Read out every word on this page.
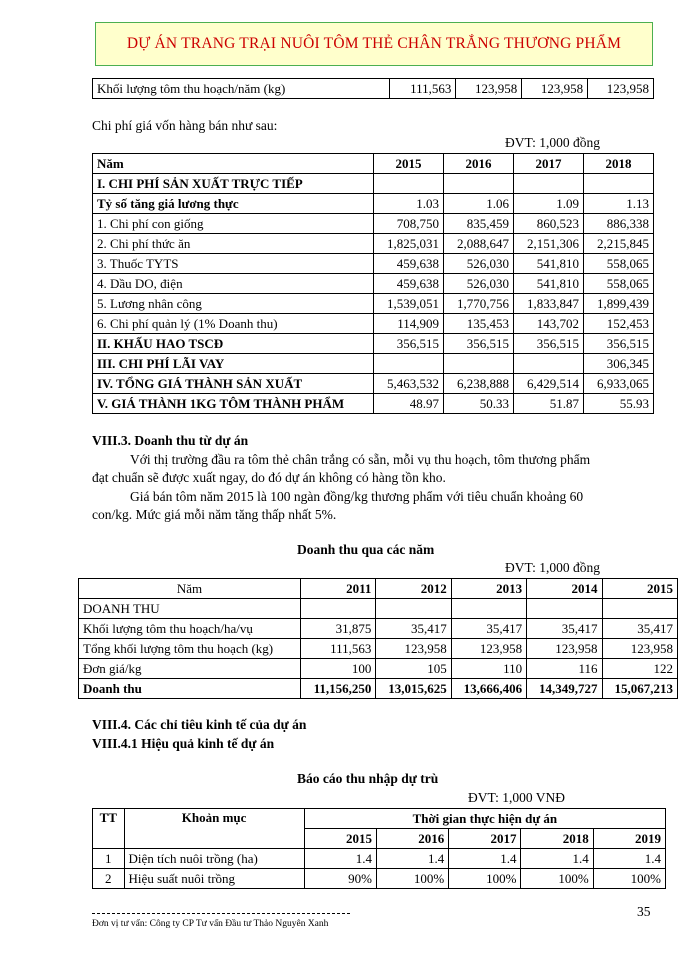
DỰ ÁN TRANG TRẠI NUÔI TÔM THẺ CHÂN TRẮNG THƯƠNG PHẨM
Khối lượng tôm thu hoạch/năm (kg)	111,563	123,958	123,958	123,958
Chi phí giá vốn hàng bán như sau:
ĐVT: 1,000 đồng
Năm	2015	2016	2017	2018
I. CHI PHÍ SẢN XUẤT TRỰC TIẾP				
Tỷ số tăng giá lương thực	1.03	1.06	1.09	1.13
1. Chi phí con giống	708,750	835,459	860,523	886,338
2. Chi phí thức ăn	1,825,031	2,088,647	2,151,306	2,215,845
3. Thuốc TYTS	459,638	526,030	541,810	558,065
4. Dầu DO, điện	459,638	526,030	541,810	558,065
5. Lương nhân công	1,539,051	1,770,756	1,833,847	1,899,439
6. Chi phí quản lý (1% Doanh thu)	114,909	135,453	143,702	152,453
II. KHẤU HAO TSCĐ	356,515	356,515	356,515	356,515
III. CHI PHÍ LÃI VAY				306,345
IV. TỔNG GIÁ THÀNH SẢN XUẤT	5,463,532	6,238,888	6,429,514	6,933,065
V. GIÁ THÀNH 1KG TÔM THÀNH PHẨM	48.97	50.33	51.87	55.93
VIII.3. Doanh thu từ dự án
Với thị trường đầu ra tôm thẻ chân trắng có sẵn, mỗi vụ thu hoạch, tôm thương phẩm
đạt chuẩn sẽ được xuất ngay, do đó dự án không có hàng tồn kho.
Giá bán tôm năm 2015 là 100 ngàn đồng/kg thương phẩm với tiêu chuẩn khoảng 60
con/kg. Mức giá mỗi năm tăng thấp nhất 5%.
Doanh thu qua các năm
ĐVT: 1,000 đồng
Năm	2011	2012	2013	2014	2015
DOANH THU					
Khối lượng tôm thu hoạch/ha/vụ	31,875	35,417	35,417	35,417	35,417
Tổng khối lượng tôm thu hoạch (kg)	111,563	123,958	123,958	123,958	123,958
Đơn giá/kg	100	105	110	116	122
Doanh thu	11,156,250	13,015,625	13,666,406	14,349,727	15,067,213
VIII.4. Các chỉ tiêu kinh tế của dự án
VIII.4.1 Hiệu quả kinh tế dự án
Báo cáo thu nhập dự trù
ĐVT: 1,000 VNĐ
TT	Khoản mục	Thời gian thực hiện dự án				
		2015	2016	2017	2018	2019
1	Diện tích nuôi trồng (ha)	1.4	1.4	1.4	1.4	1.4
2	Hiệu suất nuôi trồng	90%	100%	100%	100%	100%
35
Đơn vị tư vấn: Công ty CP Tư vấn Đầu tư Thảo Nguyên Xanh
